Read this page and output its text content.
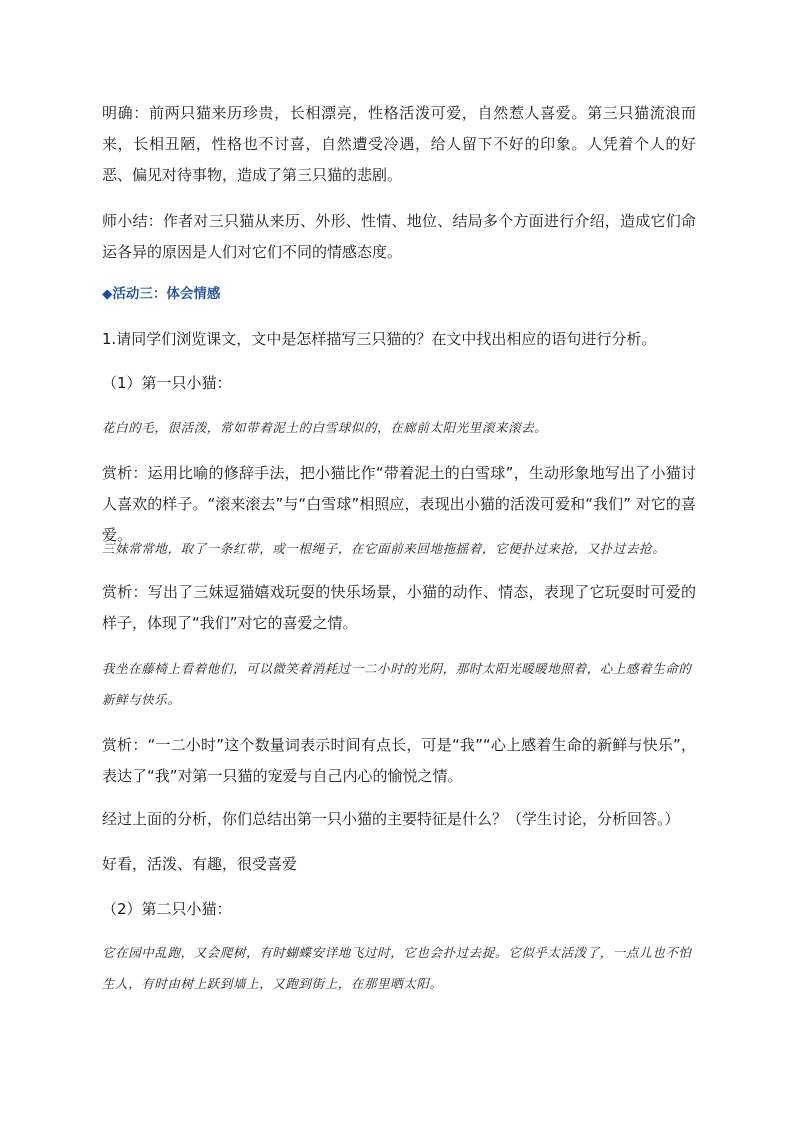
明确：前两只猫来历珍贵，长相漂亮，性格活泼可爱，自然惹人喜爱。第三只猫流浪而来，长相丑陋，性格也不讨喜，自然遭受冷遇，给人留下不好的印象。人凭着个人的好恶、偏见对待事物，造成了第三只猫的悲剧。

师小结：作者对三只猫从来历、外形、性情、地位、结局多个方面进行介绍，造成它们命运各异的原因是人们对它们不同的情感态度。

◆活动三：体会情感

1.请同学们浏览课文，文中是怎样描写三只猫的？在文中找出相应的语句进行分析。

（1）第一只小猫：

花白的毛，很活泼，常如带着泥土的白雪球似的，在廊前太阳光里滚来滚去。

赏析：运用比喻的修辞手法，把小猫比作“带着泥土的白雪球”，生动形象地写出了小猫讨人喜欢的样子。“滚来滚去”与“白雪球”相照应，表现出小猫的活泼可爱和“我们” 对它的喜爱。

三妹常常地，取了一条红带，或一根绳子，在它面前来回地拖摇着，它便扑过来抢，又扑过去抢。

赏析：写出了三妹逗猫嬉戏玩耍的快乐场景，小猫的动作、情态，表现了它玩耍时可爱的样子，体现了“我们”对它的喜爱之情。

我坐在藤椅上看着他们，可以微笑着消耗过一二小时的光阴，那时太阳光暖暖地照着，心上感着生命的新鲜与快乐。

赏析：“一二小时”这个数量词表示时间有点长，可是“我”“心上感着生命的新鲜与快乐”，表达了“我”对第一只猫的宠爱与自己内心的愉悦之情。

经过上面的分析，你们总结出第一只小猫的主要特征是什么？（学生讨论，分析回答。）

好看，活泼、有趣，很受喜爱

（2）第二只小猫：

它在园中乱跑，又会爬树，有时蝴蝶安详地飞过时，它也会扑过去捉。它似乎太活泼了，一点儿也不怕生人，有时由树上跃到墙上，又跑到街上，在那里晒太阳。
